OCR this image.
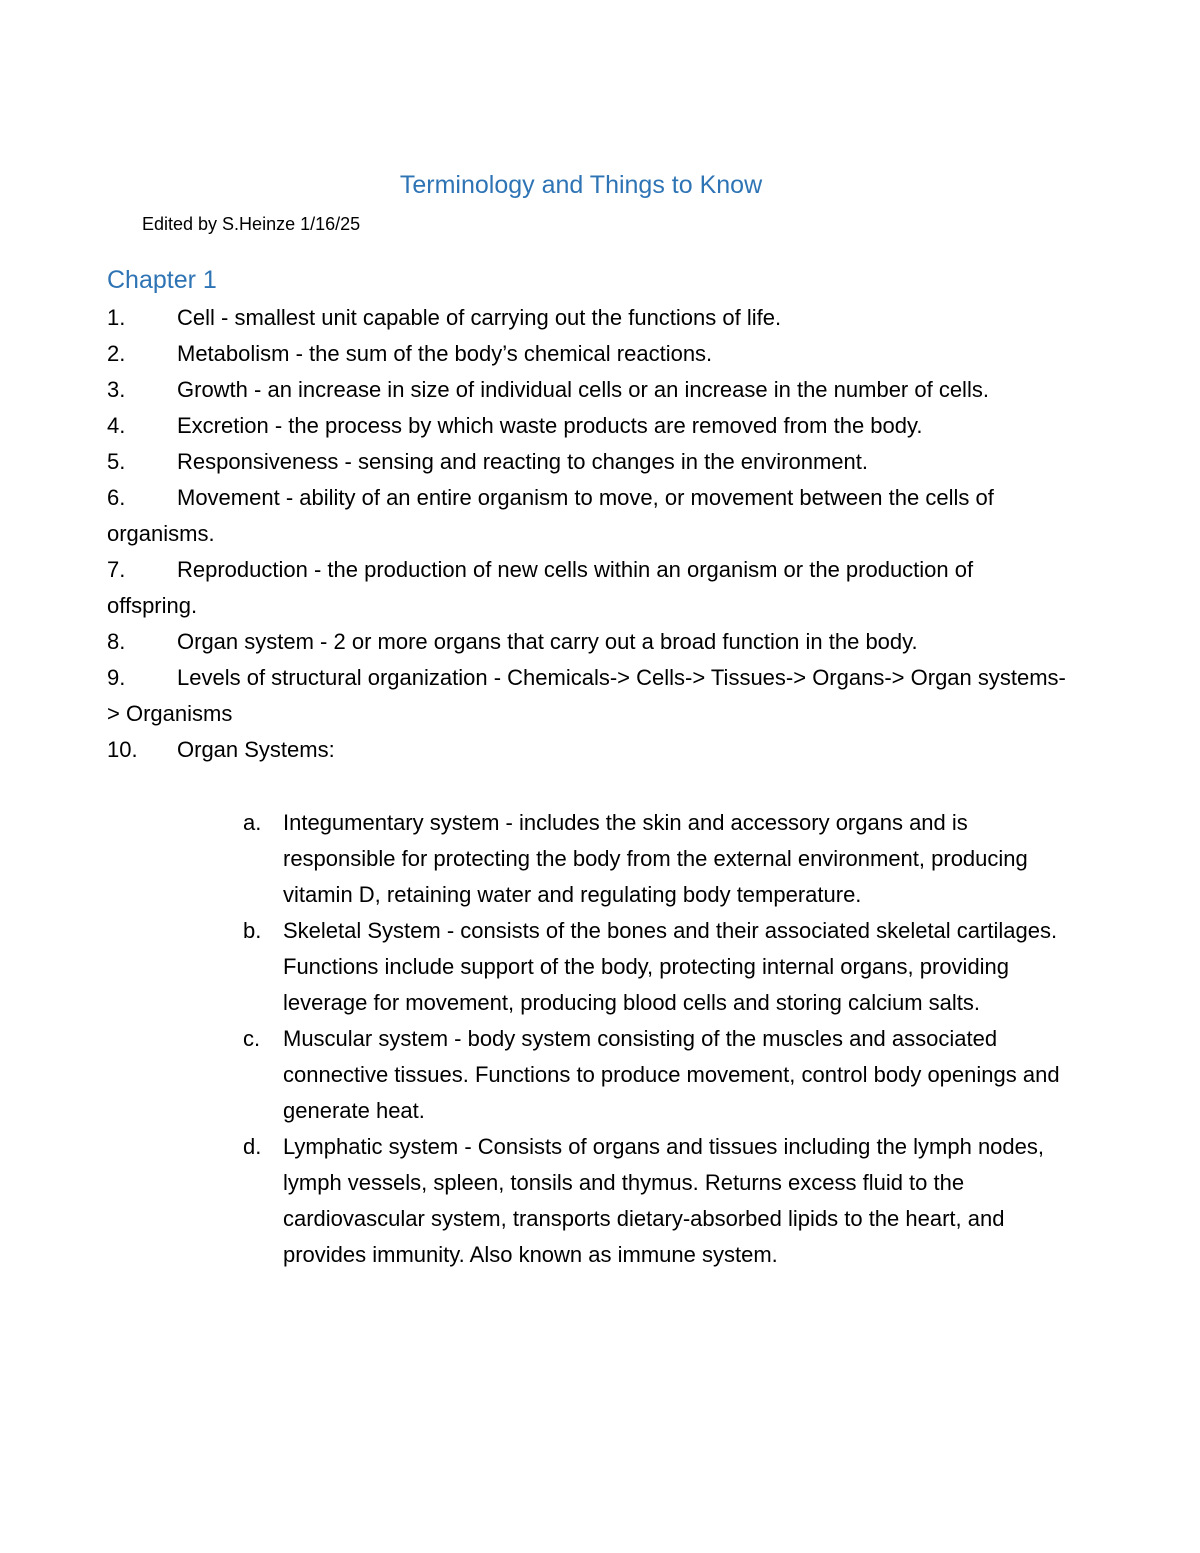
Terminology and Things to Know

Edited by S.Heinze 1/16/25

Chapter 1
1. Cell - smallest unit capable of carrying out the functions of life.
2. Metabolism - the sum of the body’s chemical reactions.
3. Growth - an increase in size of individual cells or an increase in the number of cells.
4. Excretion - the process by which waste products are removed from the body.
5. Responsiveness - sensing and reacting to changes in the environment.
6. Movement - ability of an entire organism to move, or movement between the cells of organisms.
7. Reproduction - the production of new cells within an organism or the production of offspring.
8. Organ system - 2 or more organs that carry out a broad function in the body.
9. Levels of structural organization - Chemicals-> Cells-> Tissues-> Organs-> Organ systems-> Organisms
10. Organ Systems:
a. Integumentary system - includes the skin and accessory organs and is responsible for protecting the body from the external environment, producing vitamin D, retaining water and regulating body temperature.
b. Skeletal System - consists of the bones and their associated skeletal cartilages. Functions include support of the body, protecting internal organs, providing leverage for movement, producing blood cells and storing calcium salts.
c. Muscular system - body system consisting of the muscles and associated connective tissues. Functions to produce movement, control body openings and generate heat.
d. Lymphatic system - Consists of organs and tissues including the lymph nodes, lymph vessels, spleen, tonsils and thymus. Returns excess fluid to the cardiovascular system, transports dietary-absorbed lipids to the heart, and provides immunity. Also known as immune system.
